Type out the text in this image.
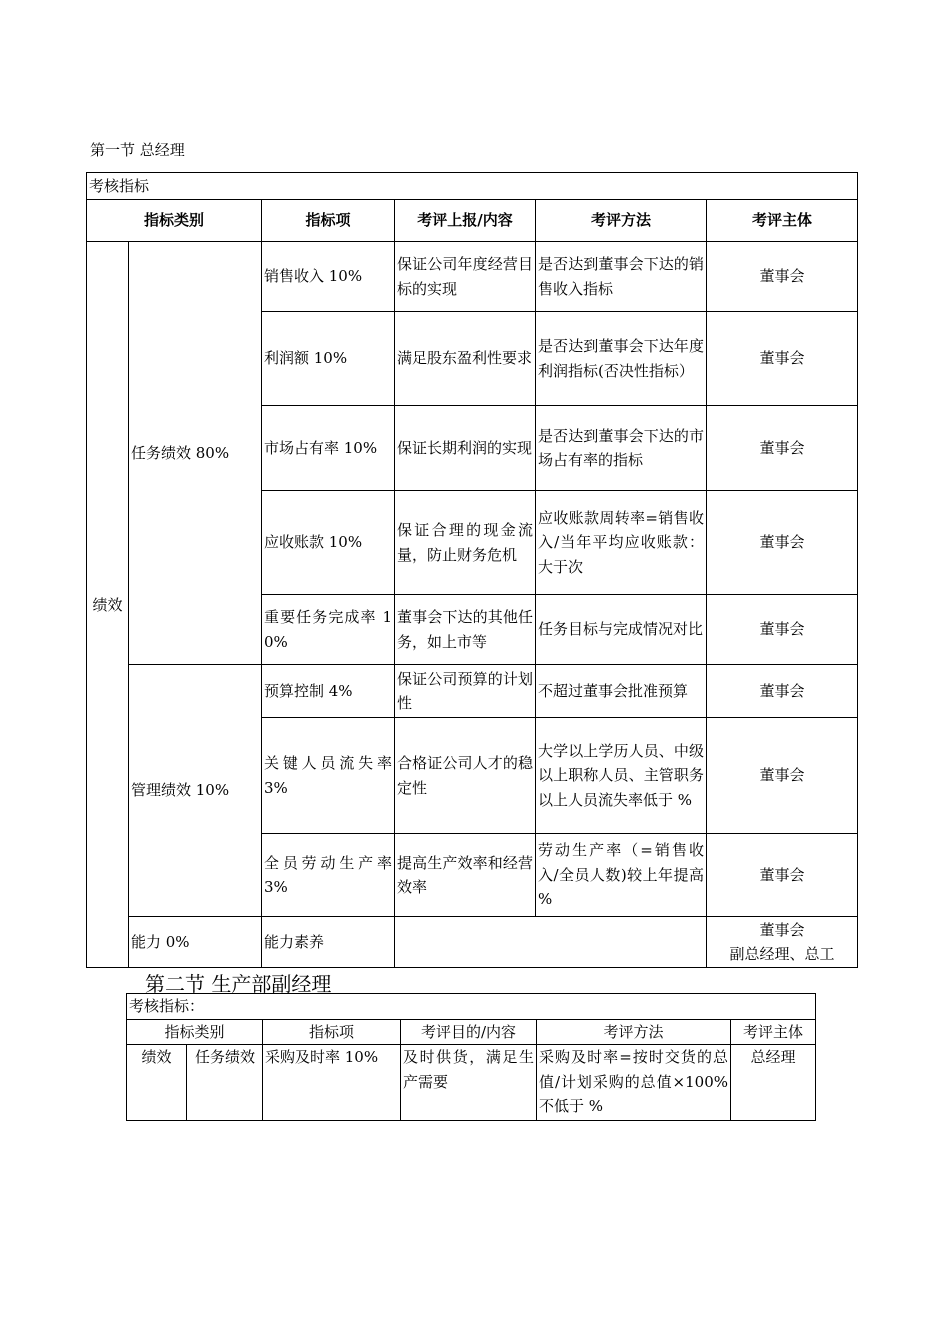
第一节 总经理
考核指标					
指标类别		指标项	考评上报/内容	考评方法	考评主体
绩效	任务绩效 80%	销售收入 10%	保证公司年度经营目标的实现	是否达到董事会下达的销售收入指标	董事会
		利润额 10%	满足股东盈利性要求	是否达到董事会下达年度利润指标(否决性指标）	董事会
		市场占有率 10%	保证长期利润的实现	是否达到董事会下达的市场占有率的指标	董事会
		应收账款 10%	保证合理的现金流量，防止财务危机	应收账款周转率=销售收入/当年平均应收账款：大于次	董事会
		重要任务完成率 10%	董事会下达的其他任务，如上市等	任务目标与完成情况对比	董事会
	管理绩效 10%	预算控制 4%	保证公司预算的计划性	不超过董事会批准预算	董事会
		关键人员流失率 3%	合格证公司人才的稳定性	大学以上学历人员、中级以上职称人员、主管职务以上人员流失率低于 %	董事会
		全员劳动生产率 3%	提高生产效率和经营效率	劳动生产率（=销售收入/全员人数)较上年提高 %	董事会
	能力 0%	能力素养			董事会
副总经理、总工
第二节 生产部副经理
考核指标：					
指标类别		指标项	考评目的/内容	考评方法	考评主体
绩效	任务绩效	采购及时率 10%	及时供货，满足生产需要	采购及时率=按时交货的总值/计划采购的总值×100%不低于 %	总经理
